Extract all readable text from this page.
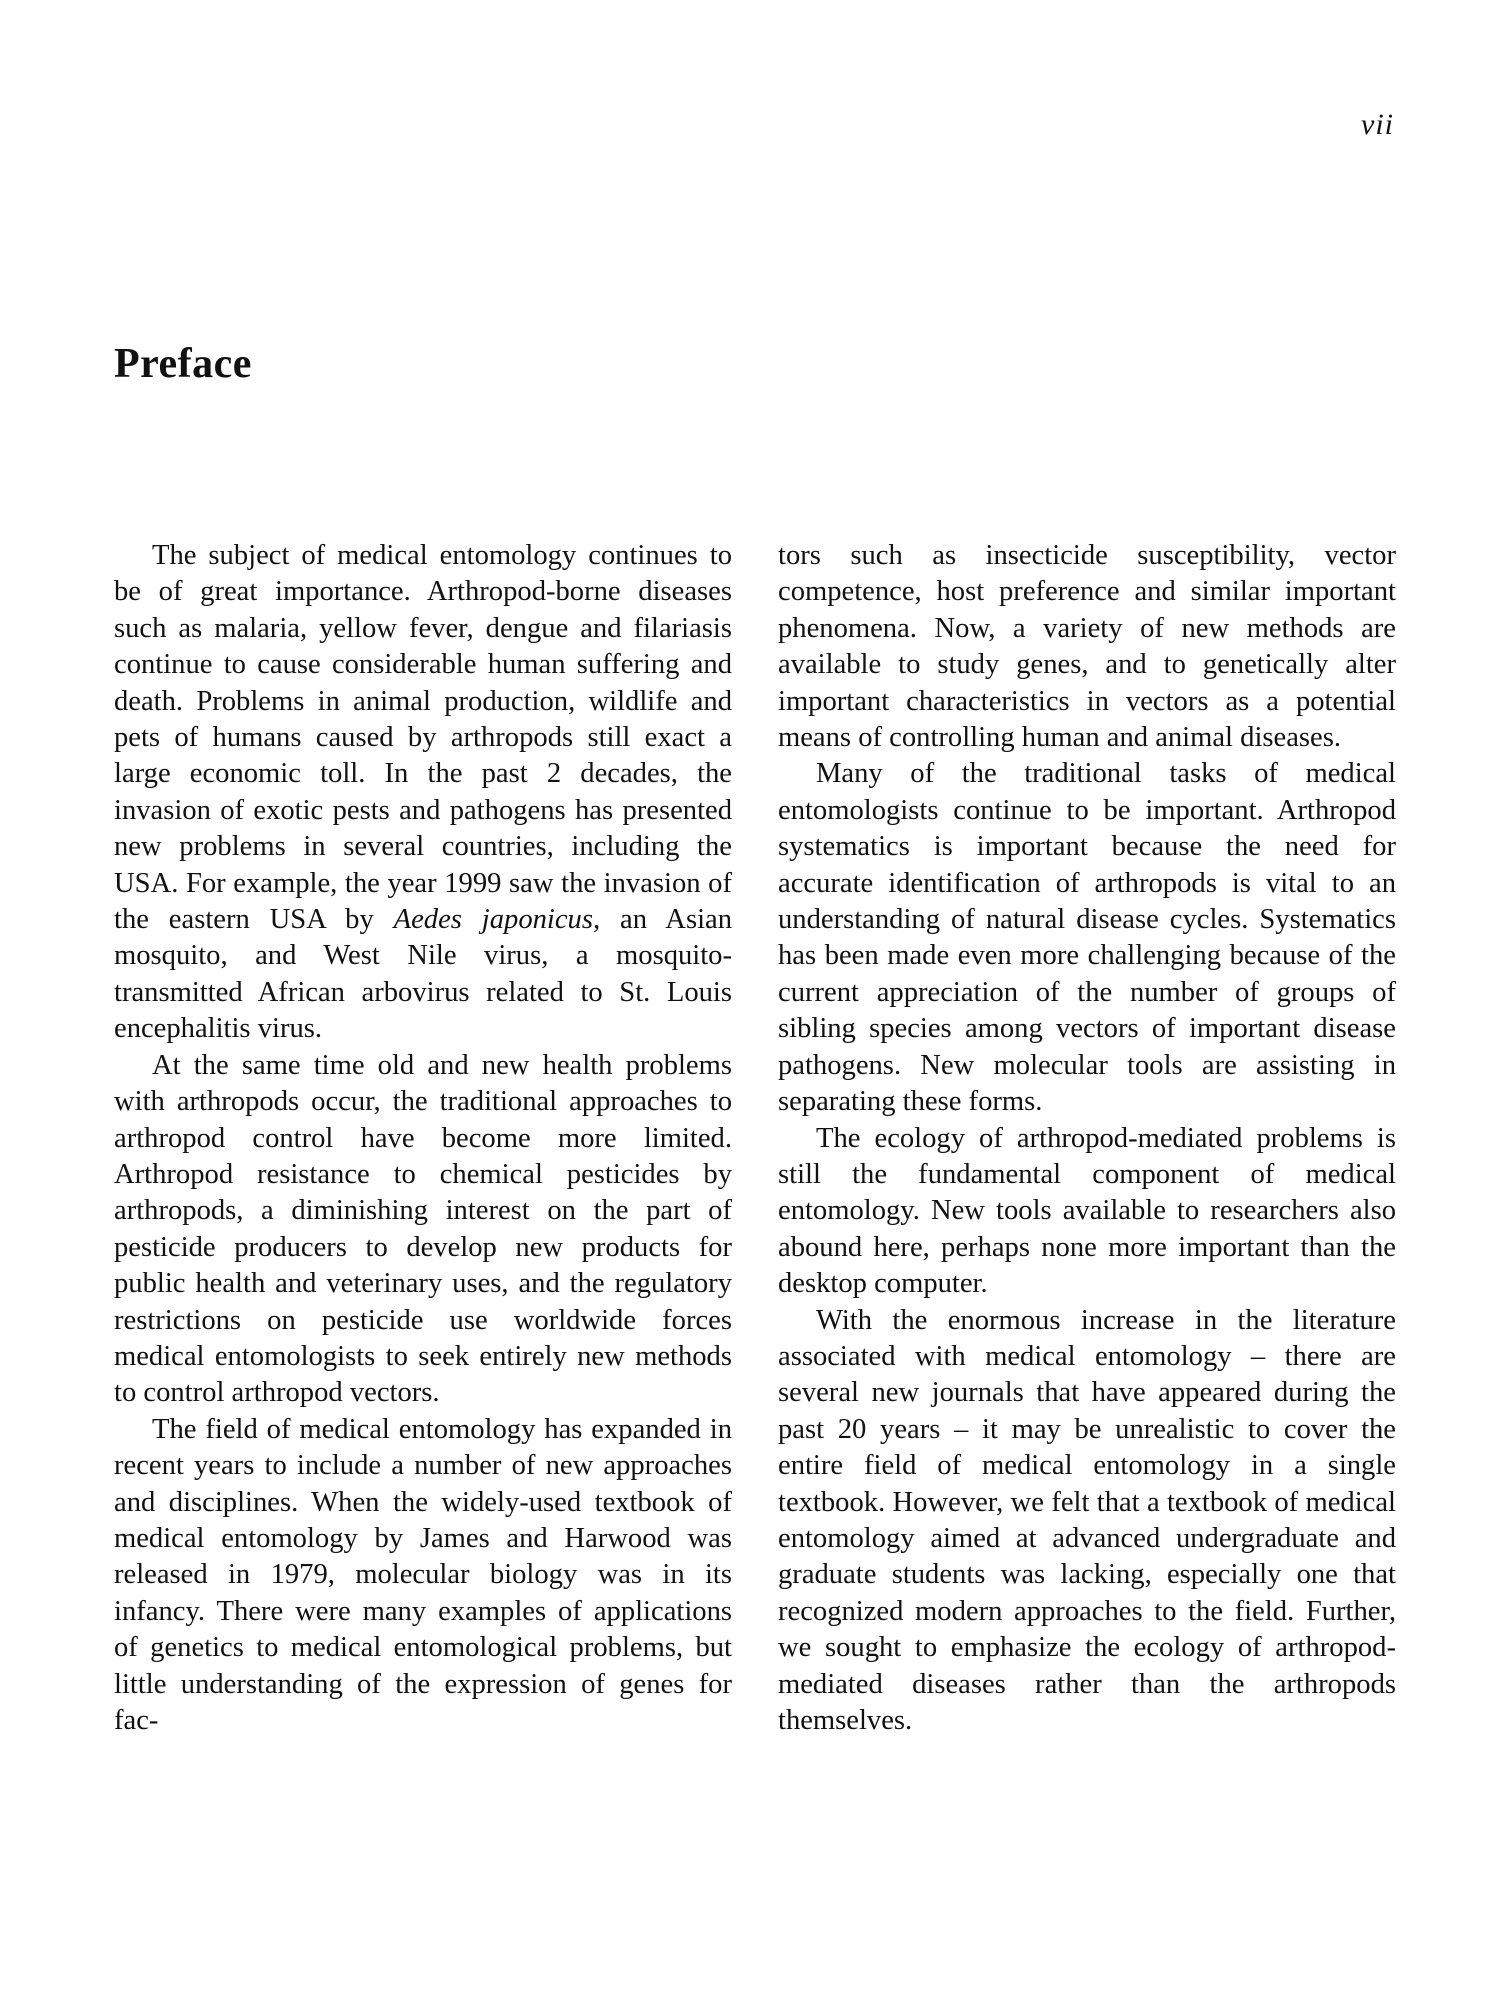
vii
Preface

The subject of medical entomology continues to be of great importance. Arthropod-borne diseases such as malaria, yellow fever, dengue and filariasis continue to cause considerable human suffering and death. Problems in animal production, wildlife and pets of humans caused by arthropods still exact a large economic toll. In the past 2 decades, the invasion of exotic pests and pathogens has presented new problems in several countries, including the USA. For example, the year 1999 saw the invasion of the eastern USA by Aedes japonicus, an Asian mosquito, and West Nile virus, a mosquito-transmitted African arbovirus related to St. Louis encephalitis virus.

At the same time old and new health problems with arthropods occur, the traditional approaches to arthropod control have become more limited. Arthropod resistance to chemical pesticides by arthropods, a diminishing interest on the part of pesticide producers to develop new products for public health and veterinary uses, and the regulatory restrictions on pesticide use worldwide forces medical entomologists to seek entirely new methods to control arthropod vectors.

The field of medical entomology has expanded in recent years to include a number of new approaches and disciplines. When the widely-used textbook of medical entomology by James and Harwood was released in 1979, molecular biology was in its infancy. There were many examples of applications of genetics to medical entomological problems, but little understanding of the expression of genes for fac-

tors such as insecticide susceptibility, vector competence, host preference and similar important phenomena. Now, a variety of new methods are available to study genes, and to genetically alter important characteristics in vectors as a potential means of controlling human and animal diseases.

Many of the traditional tasks of medical entomologists continue to be important. Arthropod systematics is important because the need for accurate identification of arthropods is vital to an understanding of natural disease cycles. Systematics has been made even more challenging because of the current appreciation of the number of groups of sibling species among vectors of important disease pathogens. New molecular tools are assisting in separating these forms.

The ecology of arthropod-mediated problems is still the fundamental component of medical entomology. New tools available to researchers also abound here, perhaps none more important than the desktop computer.

With the enormous increase in the literature associated with medical entomology – there are several new journals that have appeared during the past 20 years – it may be unrealistic to cover the entire field of medical entomology in a single textbook. However, we felt that a textbook of medical entomology aimed at advanced undergraduate and graduate students was lacking, especially one that recognized modern approaches to the field. Further, we sought to emphasize the ecology of arthropod-mediated diseases rather than the arthropods themselves.
